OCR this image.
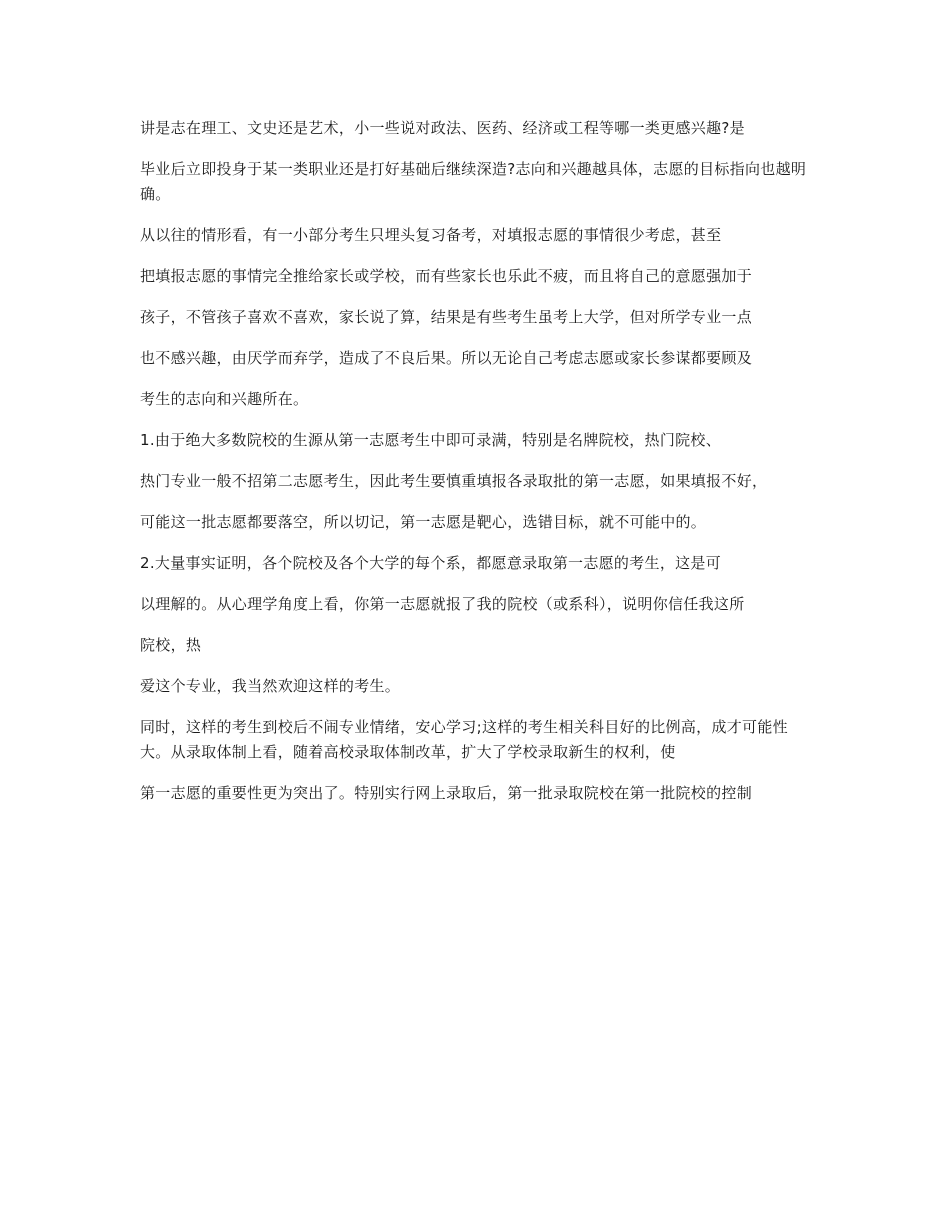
讲是志在理工、文史还是艺术，小一些说对政法、医药、经济或工程等哪一类更感兴趣?是

毕业后立即投身于某一类职业还是打好基础后继续深造?志向和兴趣越具体，志愿的目标指向也越明确。

从以往的情形看，有一小部分考生只埋头复习备考，对填报志愿的事情很少考虑，甚至

把填报志愿的事情完全推给家长或学校，而有些家长也乐此不疲，而且将自己的意愿强加于

孩子，不管孩子喜欢不喜欢，家长说了算，结果是有些考生虽考上大学，但对所学专业一点

也不感兴趣，由厌学而弃学，造成了不良后果。所以无论自己考虑志愿或家长参谋都要顾及

考生的志向和兴趣所在。

1.由于绝大多数院校的生源从第一志愿考生中即可录满，特别是名牌院校，热门院校、

热门专业一般不招第二志愿考生，因此考生要慎重填报各录取批的第一志愿，如果填报不好，

可能这一批志愿都要落空，所以切记，第一志愿是靶心，选错目标，就不可能中的。

2.大量事实证明，各个院校及各个大学的每个系，都愿意录取第一志愿的考生，这是可

以理解的。从心理学角度上看，你第一志愿就报了我的院校（或系科），说明你信任我这所

院校，热

爱这个专业，我当然欢迎这样的考生。

同时，这样的考生到校后不闹专业情绪，安心学习;这样的考生相关科目好的比例高，成才可能性大。从录取体制上看，随着高校录取体制改革，扩大了学校录取新生的权利，使

第一志愿的重要性更为突出了。特别实行网上录取后，第一批录取院校在第一批院校的控制
